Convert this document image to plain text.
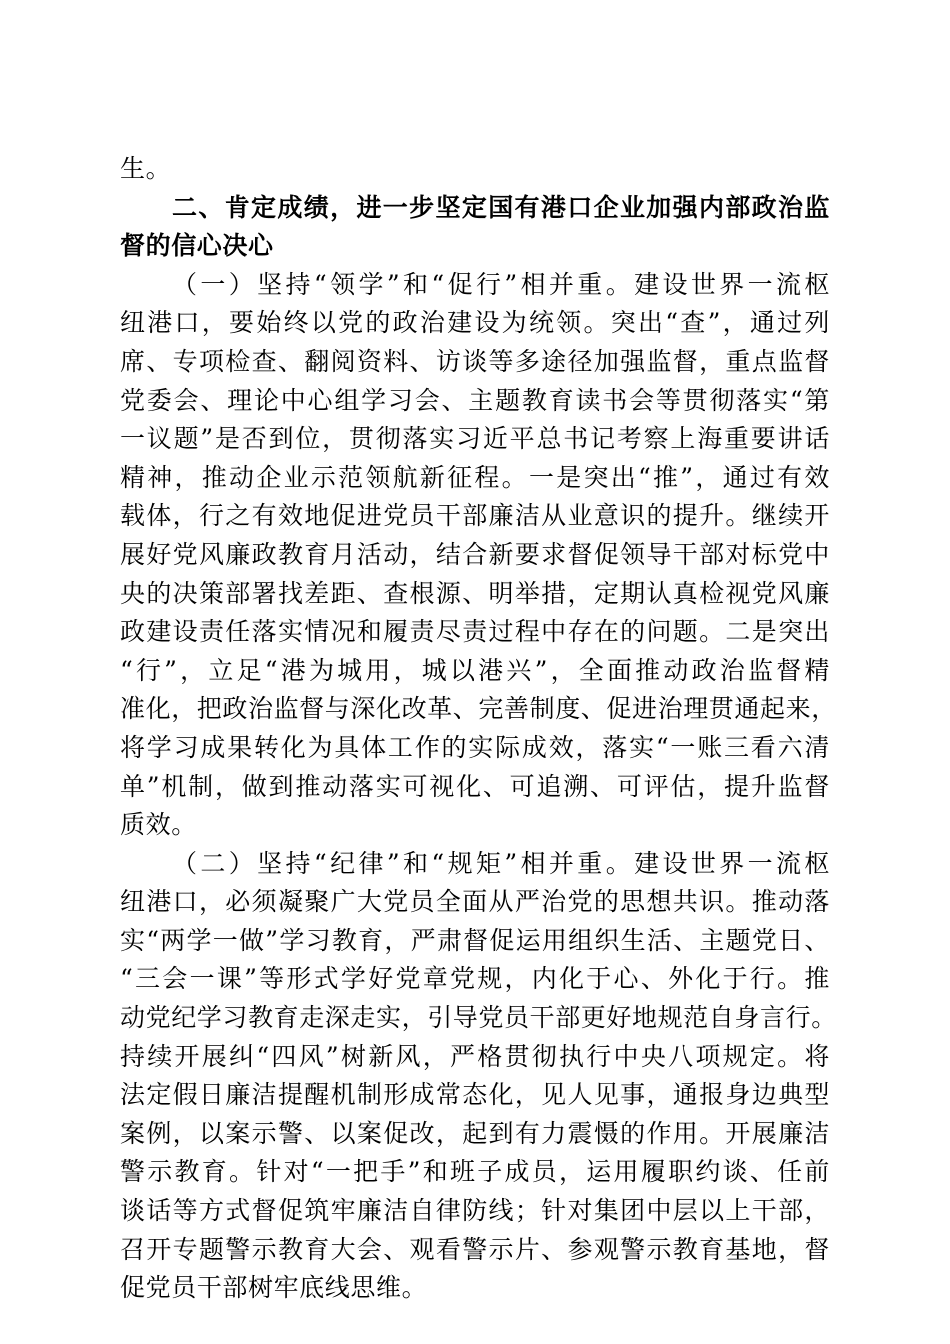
生。
二、肯定成绩，进一步坚定国有港口企业加强内部政治监
督的信心决心
（一）坚持“领学”和“促行”相并重。建设世界一流枢
纽港口，要始终以党的政治建设为统领。突出“查”，通过列
席、专项检查、翻阅资料、访谈等多途径加强监督，重点监督
党委会、理论中心组学习会、主题教育读书会等贯彻落实“第
一议题”是否到位，贯彻落实习近平总书记考察上海重要讲话
精神，推动企业示范领航新征程。一是突出“推”，通过有效
载体，行之有效地促进党员干部廉洁从业意识的提升。继续开
展好党风廉政教育月活动，结合新要求督促领导干部对标党中
央的决策部署找差距、查根源、明举措，定期认真检视党风廉
政建设责任落实情况和履责尽责过程中存在的问题。二是突出
“行”，立足“港为城用，城以港兴”，全面推动政治监督精
准化，把政治监督与深化改革、完善制度、促进治理贯通起来，
将学习成果转化为具体工作的实际成效，落实“一账三看六清
单”机制，做到推动落实可视化、可追溯、可评估，提升监督
质效。
（二）坚持“纪律”和“规矩”相并重。建设世界一流枢
纽港口，必须凝聚广大党员全面从严治党的思想共识。推动落
实“两学一做”学习教育，严肃督促运用组织生活、主题党日、
“三会一课”等形式学好党章党规，内化于心、外化于行。推
动党纪学习教育走深走实，引导党员干部更好地规范自身言行。
持续开展纠“四风”树新风，严格贯彻执行中央八项规定。将
法定假日廉洁提醒机制形成常态化，见人见事，通报身边典型
案例，以案示警、以案促改，起到有力震慑的作用。开展廉洁
警示教育。针对“一把手”和班子成员，运用履职约谈、任前
谈话等方式督促筑牢廉洁自律防线；针对集团中层以上干部，
召开专题警示教育大会、观看警示片、参观警示教育基地，督
促党员干部树牢底线思维。
